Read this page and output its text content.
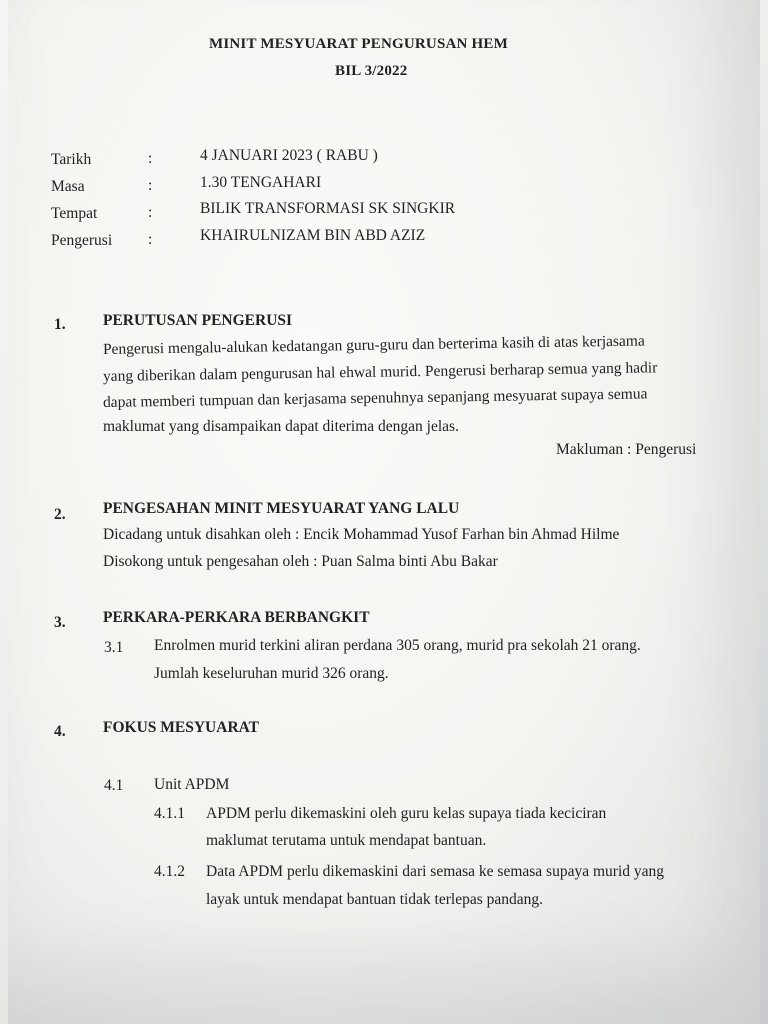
MINIT MESYUARAT PENGURUSAN HEM
BIL 3/2022
Tarikh	:	4 JANUARI 2023 ( RABU )
Masa	:	1.30 TENGAHARI
Tempat	:	BILIK TRANSFORMASI SK SINGKIR
Pengerusi :	KHAIRULNIZAM BIN ABD AZIZ
1. PERUTUSAN PENGERUSI
Pengerusi mengalu-alukan kedatangan guru-guru dan berterima kasih di atas kerjasama
yang diberikan dalam pengurusan hal ehwal murid. Pengerusi berharap semua yang hadir
dapat memberi tumpuan dan kerjasama sepenuhnya sepanjang mesyuarat supaya semua
maklumat yang disampaikan dapat diterima dengan jelas.
Makluman : Pengerusi
2. PENGESAHAN MINIT MESYUARAT YANG LALU
Dicadang untuk disahkan oleh : Encik Mohammad Yusof Farhan bin Ahmad Hilme
Disokong untuk pengesahan oleh : Puan Salma binti Abu Bakar
3. PERKARA-PERKARA BERBANGKIT
3.1 Enrolmen murid terkini aliran perdana 305 orang, murid pra sekolah 21 orang.
Jumlah keseluruhan murid 326 orang.
4. FOKUS MESYUARAT
4.1 Unit APDM
4.1.1 APDM perlu dikemaskini oleh guru kelas supaya tiada keciciran
maklumat terutama untuk mendapat bantuan.
4.1.2 Data APDM perlu dikemaskini dari semasa ke semasa supaya murid yang
layak untuk mendapat bantuan tidak terlepas pandang.
